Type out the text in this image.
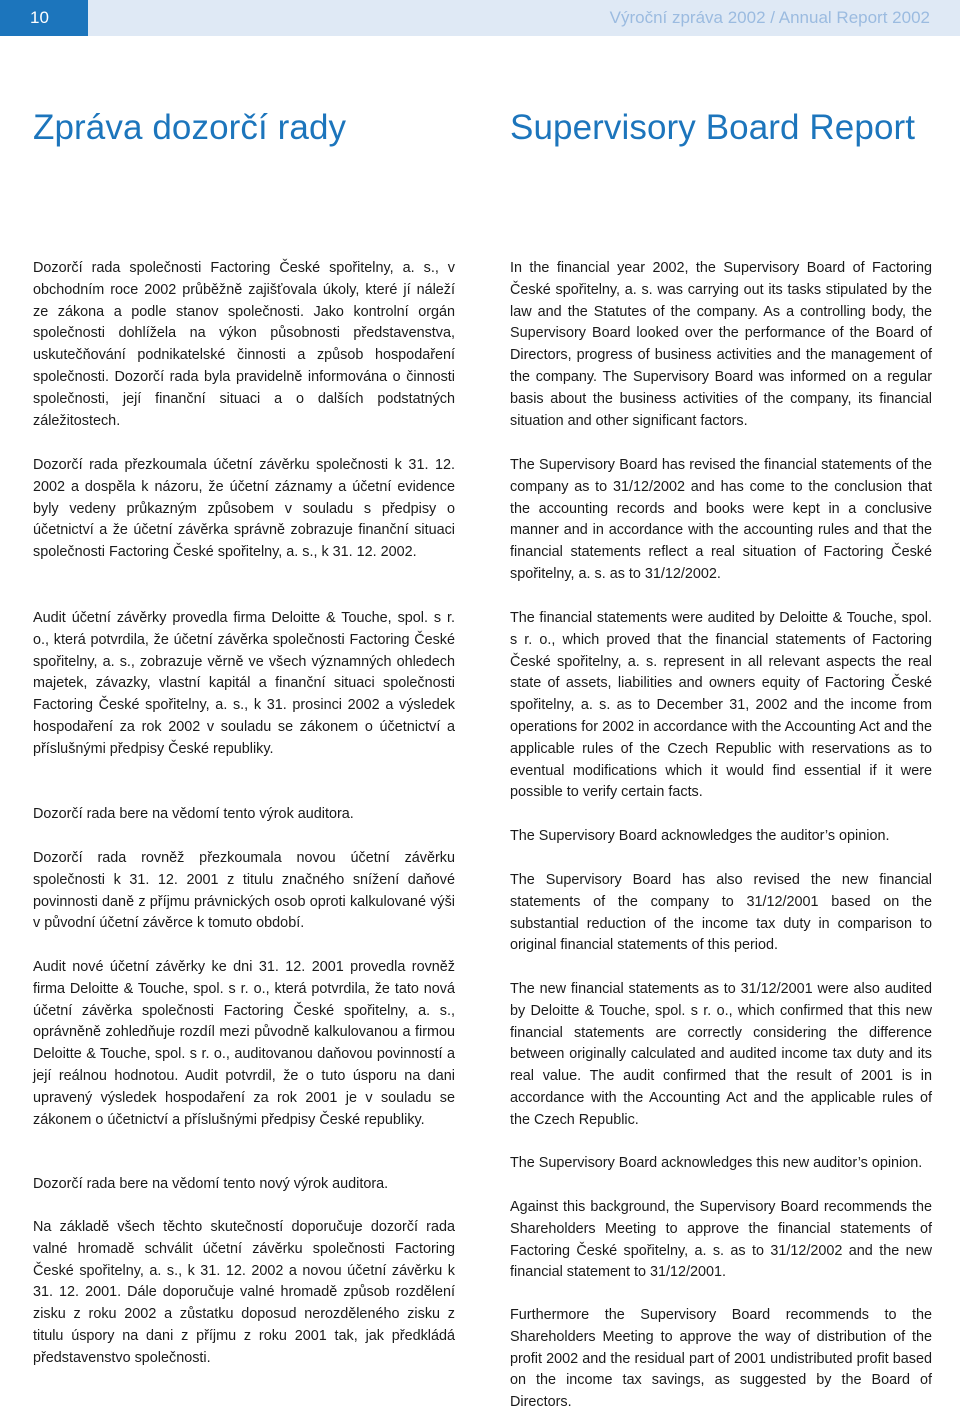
10	Výroční zpráva 2002 / Annual Report 2002
Zpráva dozorčí rady	Supervisory Board Report

Dozorčí rada společnosti Factoring České spořitelny, a. s., v obchodním roce 2002 průběžně zajišťovala úkoly, které jí náleží ze zákona a podle stanov společnosti. Jako kontrolní orgán společnosti dohlížela na výkon působnosti představenstva, uskutečňování podnikatelské činnosti a způsob hospodaření společnosti. Dozorčí rada byla pravidelně informována o činnosti společnosti, její finanční situaci a o dalších podstatných záležitostech.

Dozorčí rada přezkoumala účetní závěrku společnosti k 31. 12. 2002 a dospěla k názoru, že účetní záznamy a účetní evidence byly vedeny průkazným způsobem v souladu s předpisy o účetnictví a že účetní závěrka správně zobrazuje finanční situaci společnosti Factoring České spořitelny, a. s., k 31. 12. 2002.

Audit účetní závěrky provedla firma Deloitte & Touche, spol. s r. o., která potvrdila, že účetní závěrka společnosti Factoring České spořitelny, a. s., zobrazuje věrně ve všech významných ohledech majetek, závazky, vlastní kapitál a finanční situaci společnosti Factoring České spořitelny, a. s., k 31. prosinci 2002 a výsledek hospodaření za rok 2002 v souladu se zákonem o účetnictví a příslušnými předpisy České republiky.

Dozorčí rada bere na vědomí tento výrok auditora.

Dozorčí rada rovněž přezkoumala novou účetní závěrku společnosti k 31. 12. 2001 z titulu značného snížení daňové povinnosti daně z příjmu právnických osob oproti kalkulované výši v původní účetní závěrce k tomuto období.

Audit nové účetní závěrky ke dni 31. 12. 2001 provedla rovněž firma Deloitte & Touche, spol. s r. o., která potvrdila, že tato nová účetní závěrka společnosti Factoring České spořitelny, a. s., oprávněně zohledňuje rozdíl mezi původně kalkulovanou a firmou Deloitte & Touche, spol. s r. o., auditovanou daňovou povinností a její reálnou hodnotou. Audit potvrdil, že o tuto úsporu na dani upravený výsledek hospodaření za rok 2001 je v souladu se zákonem o účetnictví a příslušnými předpisy České republiky.

Dozorčí rada bere na vědomí tento nový výrok auditora.

Na základě všech těchto skutečností doporučuje dozorčí rada valné hromadě schválit účetní závěrku společnosti Factoring České spořitelny, a. s., k 31. 12. 2002 a novou účetní závěrku k 31. 12. 2001. Dále doporučuje valné hromadě způsob rozdělení zisku z roku 2002 a zůstatku doposud nerozděleného zisku z titulu úspory na dani z příjmu z roku 2001 tak, jak předkládá představenstvo společnosti.

In the financial year 2002, the Supervisory Board of Factoring České spořitelny, a. s. was carrying out its tasks stipulated by the law and the Statutes of the company. As a controlling body, the Supervisory Board looked over the performance of the Board of Directors, progress of business activities and the management of the company. The Supervisory Board was informed on a regular basis about the business activities of the company, its financial situation and other significant factors.

The Supervisory Board has revised the financial statements of the company as to 31/12/2002 and has come to the conclusion that the accounting records and books were kept in a conclusive manner and in accordance with the accounting rules and that the financial statements reflect a real situation of Factoring České spořitelny, a. s. as to 31/12/2002.

The financial statements were audited by Deloitte & Touche, spol. s r. o., which proved that the financial statements of Factoring České spořitelny, a. s. represent in all relevant aspects the real state of assets, liabilities and owners equity of Factoring České spořitelny, a. s. as to December 31, 2002 and the income from operations for 2002 in accordance with the Accounting Act and the applicable rules of the Czech Republic with reservations as to eventual modifications which it would find essential if it were possible to verify certain facts.

The Supervisory Board acknowledges the auditor’s opinion.

The Supervisory Board has also revised the new financial statements of the company to 31/12/2001 based on the substantial reduction of the income tax duty in comparison to original financial statements of this period.

The new financial statements as to 31/12/2001 were also audited by Deloitte & Touche, spol. s r. o., which confirmed that this new financial statements are correctly considering the difference between originally calculated and audited income tax duty and its real value. The audit confirmed that the result of 2001 is in accordance with the Accounting Act and the applicable rules of the Czech Republic.

The Supervisory Board acknowledges this new auditor’s opinion.

Against this background, the Supervisory Board recommends the Shareholders Meeting to approve the financial statements of Factoring České spořitelny, a. s. as to 31/12/2002 and the new financial statement to 31/12/2001.

Furthermore the Supervisory Board recommends to the Shareholders Meeting to approve the way of distribution of the profit 2002 and the residual part of 2001 undistributed profit based on the income tax savings, as suggested by the Board of Directors.
